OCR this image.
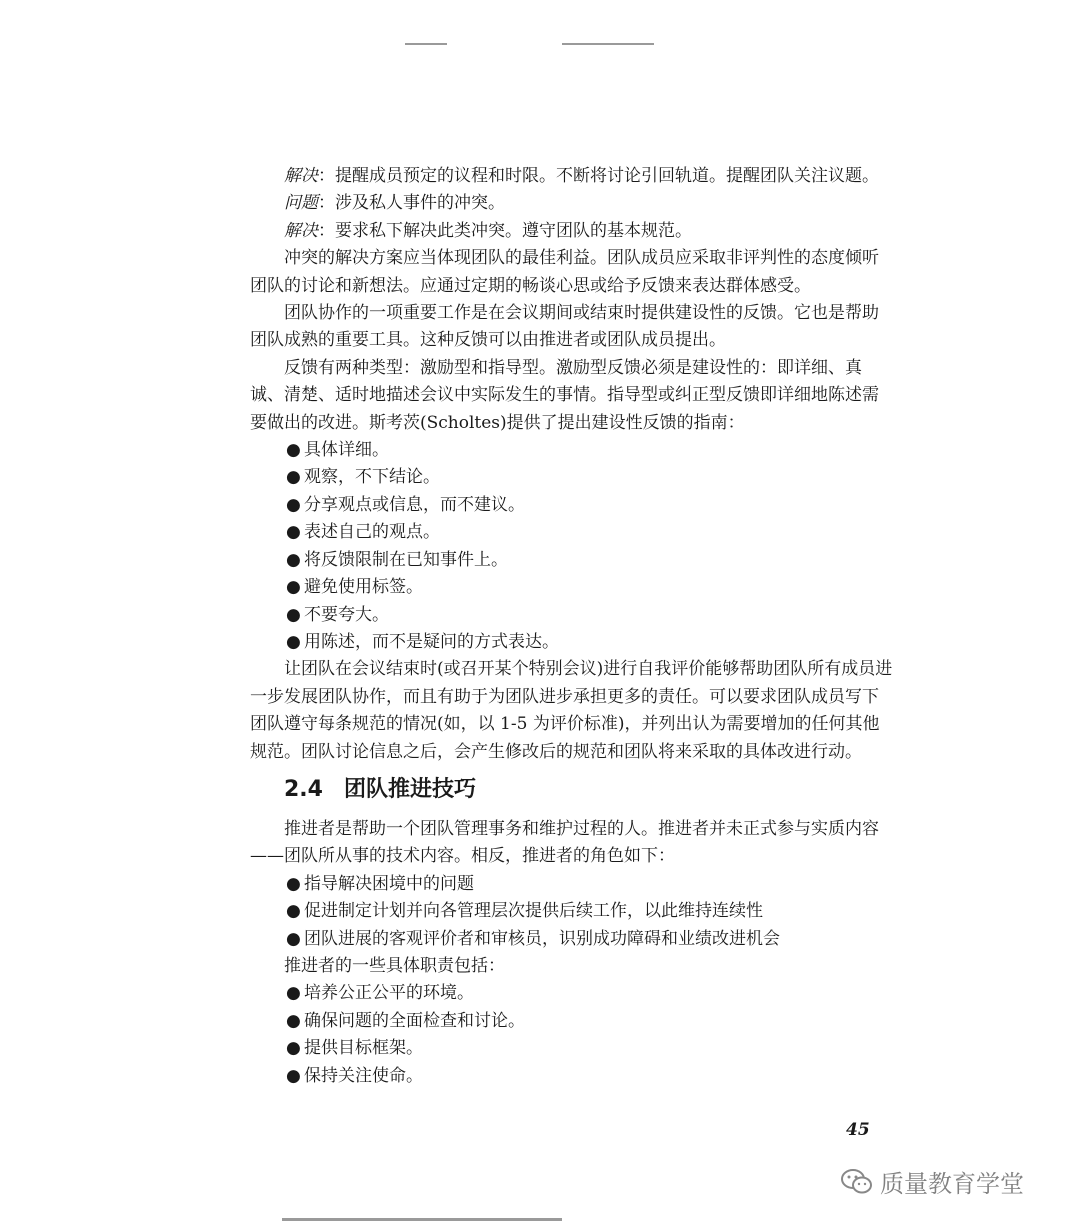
解决：提醒成员预定的议程和时限。不断将讨论引回轨道。提醒团队关注议题。

问题：涉及私人事件的冲突。

解决：要求私下解决此类冲突。遵守团队的基本规范。

冲突的解决方案应当体现团队的最佳利益。团队成员应采取非评判性的态度倾听团队的讨论和新想法。应通过定期的畅谈心思或给予反馈来表达群体感受。

团队协作的一项重要工作是在会议期间或结束时提供建设性的反馈。它也是帮助团队成熟的重要工具。这种反馈可以由推进者或团队成员提出。

反馈有两种类型：激励型和指导型。激励型反馈必须是建设性的：即详细、真诚、清楚、适时地描述会议中实际发生的事情。指导型或纠正型反馈即详细地陈述需要做出的改进。斯考茨(Scholtes)提供了提出建设性反馈的指南：

● 具体详细。
● 观察，不下结论。
● 分享观点或信息，而不建议。
● 表述自己的观点。
● 将反馈限制在已知事件上。
● 避免使用标签。
● 不要夸大。
● 用陈述，而不是疑问的方式表达。

让团队在会议结束时(或召开某个特别会议)进行自我评价能够帮助团队所有成员进一步发展团队协作，而且有助于为团队进步承担更多的责任。可以要求团队成员写下团队遵守每条规范的情况(如，以 1-5 为评价标准)，并列出认为需要增加的任何其他规范。团队讨论信息之后，会产生修改后的规范和团队将来采取的具体改进行动。

2.4 团队推进技巧

推进者是帮助一个团队管理事务和维护过程的人。推进者并未正式参与实质内容——团队所从事的技术内容。相反，推进者的角色如下：

● 指导解决困境中的问题
● 促进制定计划并向各管理层次提供后续工作，以此维持连续性
● 团队进展的客观评价者和审核员，识别成功障碍和业绩改进机会

推进者的一些具体职责包括：

● 培养公正公平的环境。
● 确保问题的全面检查和讨论。
● 提供目标框架。
● 保持关注使命。
45
质量教育学堂
